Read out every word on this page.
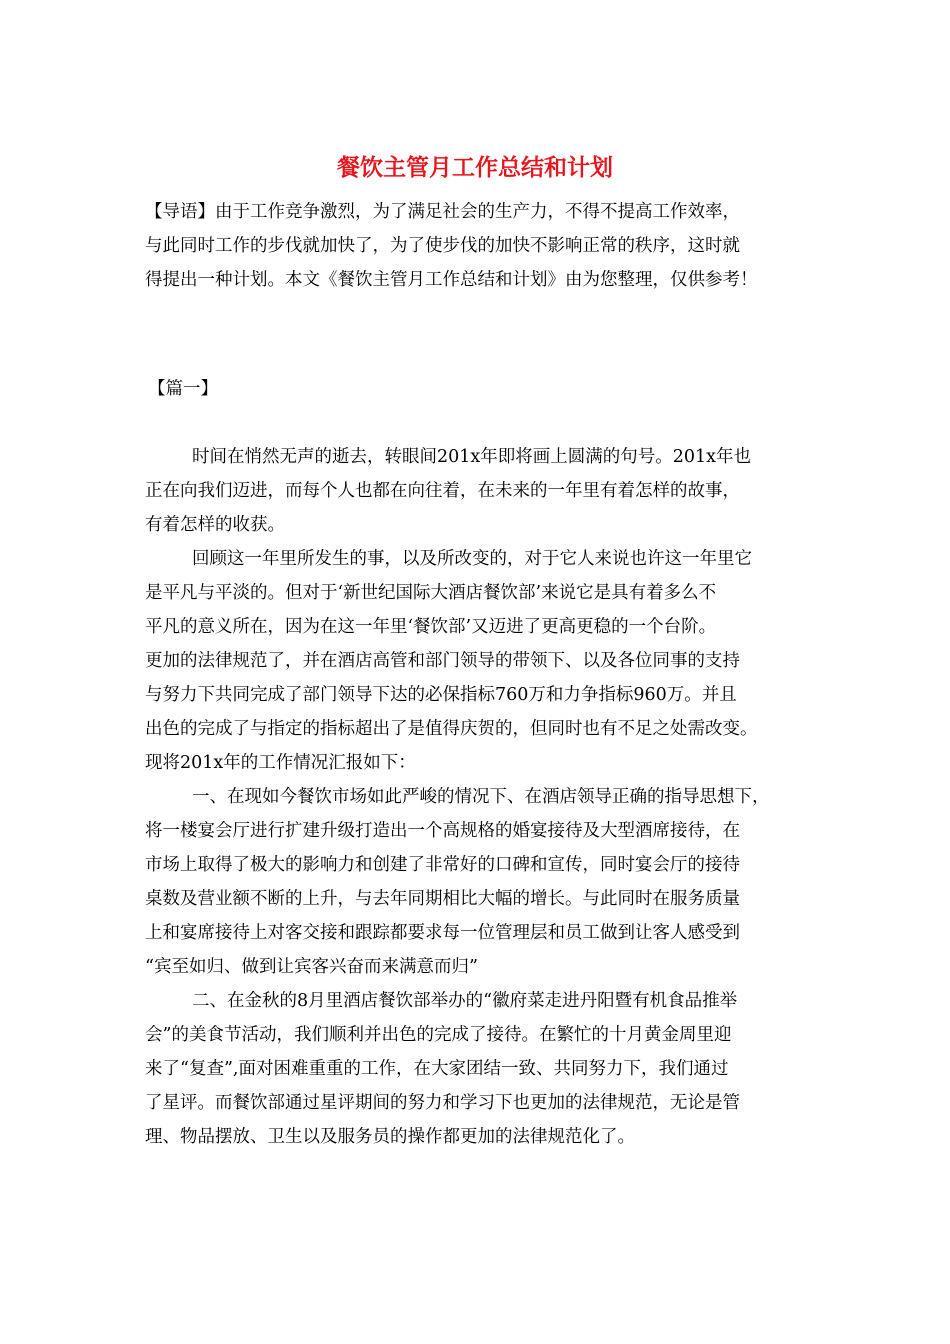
餐饮主管月工作总结和计划
【导语】由于工作竞争激烈，为了满足社会的生产力，不得不提高工作效率，
与此同时工作的步伐就加快了，为了使步伐的加快不影响正常的秩序，这时就
得提出一种计划。本文《餐饮主管月工作总结和计划》由为您整理，仅供参考！
【篇一】
时间在悄然无声的逝去，转眼间201x年即将画上圆满的句号。201x年也
正在向我们迈进，而每个人也都在向往着，在未来的一年里有着怎样的故事，
有着怎样的收获。
回顾这一年里所发生的事，以及所改变的，对于它人来说也许这一年里它
是平凡与平淡的。但对于‘新世纪国际大酒店餐饮部’来说它是具有着多么不
平凡的意义所在，因为在这一年里‘餐饮部’又迈进了更高更稳的一个台阶。
更加的法律规范了，并在酒店高管和部门领导的带领下、以及各位同事的支持
与努力下共同完成了部门领导下达的必保指标760万和力争指标960万。并且
出色的完成了与指定的指标超出了是值得庆贺的，但同时也有不足之处需改变。
现将201x年的工作情况汇报如下：
一、在现如今餐饮市场如此严峻的情况下、在酒店领导正确的指导思想下，
将一楼宴会厅进行扩建升级打造出一个高规格的婚宴接待及大型酒席接待，在
市场上取得了极大的影响力和创建了非常好的口碑和宣传，同时宴会厅的接待
桌数及营业额不断的上升，与去年同期相比大幅的增长。与此同时在服务质量
上和宴席接待上对客交接和跟踪都要求每一位管理层和员工做到让客人感受到
“宾至如归、做到让宾客兴奋而来满意而归”
二、在金秋的8月里酒店餐饮部举办的“徽府菜走进丹阳暨有机食品推举
会”的美食节活动，我们顺利并出色的完成了接待。在繁忙的十月黄金周里迎
来了“复查”,面对困难重重的工作，在大家团结一致、共同努力下，我们通过
了星评。而餐饮部通过星评期间的努力和学习下也更加的法律规范，无论是管
理、物品摆放、卫生以及服务员的操作都更加的法律规范化了。
